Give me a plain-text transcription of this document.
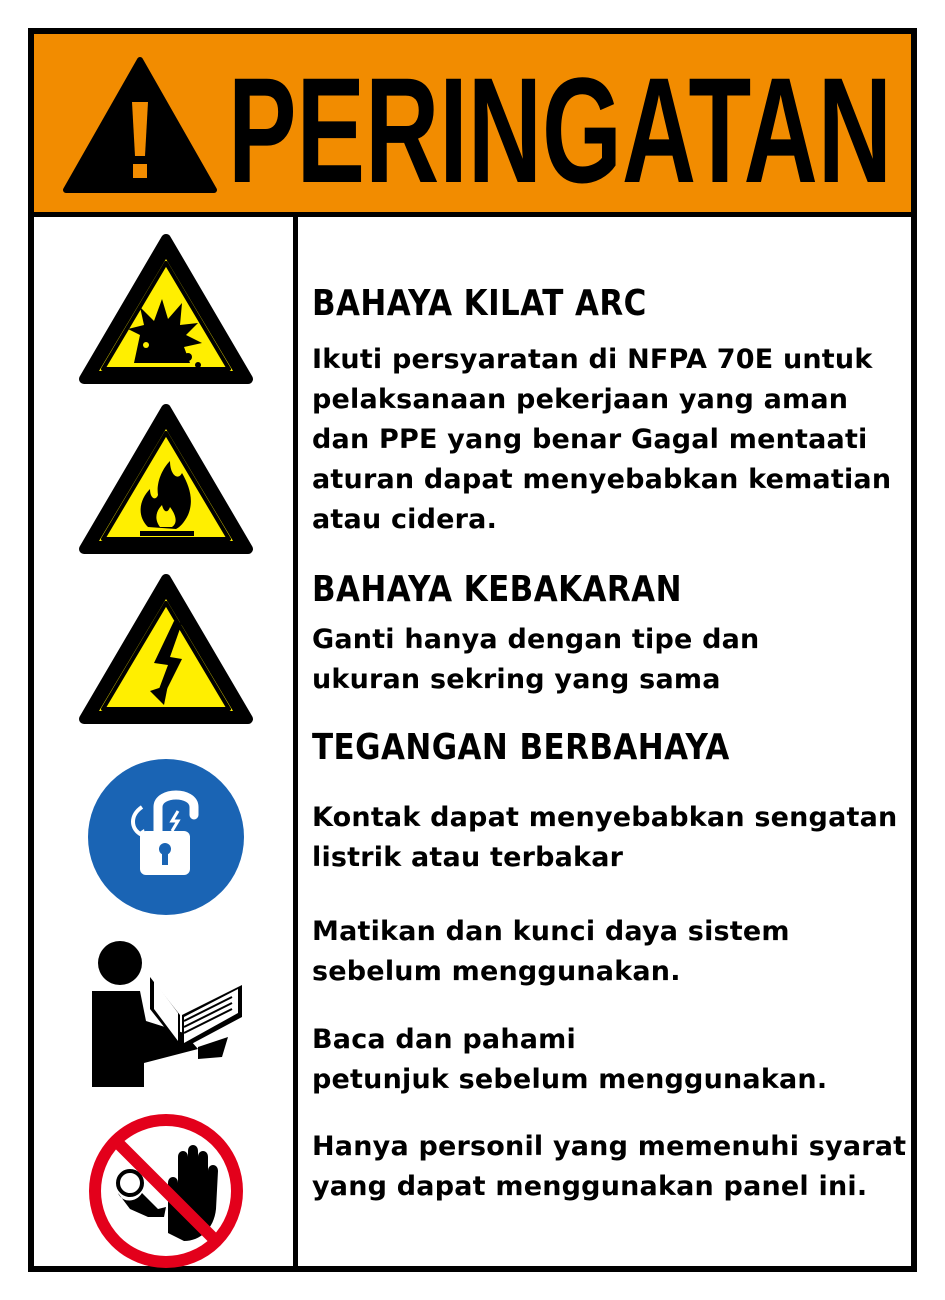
PERINGATAN
BAHAYA KILAT ARC

Ikuti persyaratan di NFPA 70E untuk
pelaksanaan pekerjaan yang aman
dan PPE yang benar Gagal mentaati
aturan dapat menyebabkan kematian
atau cidera.

BAHAYA KEBAKARAN

Ganti hanya dengan tipe dan
ukuran sekring yang sama

TEGANGAN BERBAHAYA

Kontak dapat menyebabkan sengatan
listrik atau terbakar

Matikan dan kunci daya sistem
sebelum menggunakan.

Baca dan pahami
petunjuk sebelum menggunakan.

Hanya personil yang memenuhi syarat
yang dapat menggunakan panel ini.
